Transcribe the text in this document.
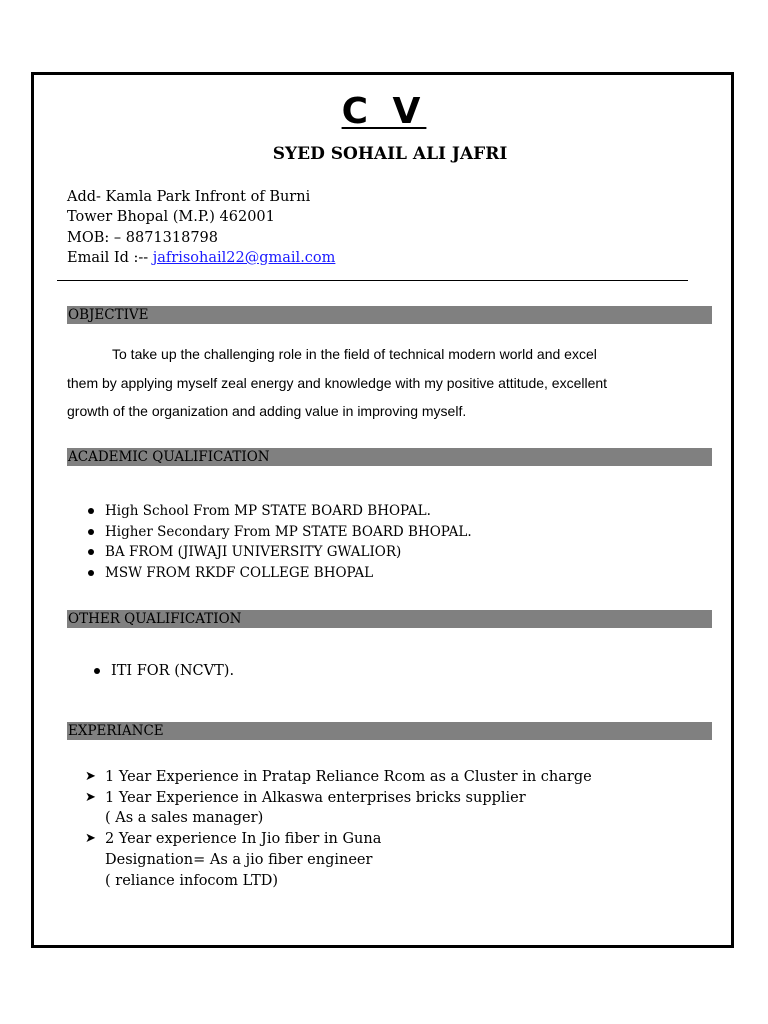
C V
SYED SOHAIL ALI JAFRI
Add- Kamla Park Infront of Burni
Tower Bhopal (M.P.) 462001
MOB: – 8871318798
Email Id :-- jafrisohail22@gmail.com
OBJECTIVE
To take up the challenging role in the field of technical modern world and excel
them by applying myself zeal energy and knowledge with my positive attitude, excellent
growth of the organization and adding value in improving myself.
ACADEMIC QUALIFICATION
High School From MP STATE BOARD BHOPAL.
Higher Secondary From MP STATE BOARD BHOPAL.
BA FROM (JIWAJI UNIVERSITY GWALIOR)
MSW FROM RKDF COLLEGE BHOPAL
OTHER QUALIFICATION
ITI FOR (NCVT).
EXPERIANCE
➤ 1 Year Experience in Pratap Reliance Rcom as a Cluster in charge
➤ 1 Year Experience in Alkaswa enterprises bricks supplier
( As a sales manager)
➤ 2 Year experience In Jio fiber in Guna
Designation= As a jio fiber engineer
( reliance infocom LTD)
